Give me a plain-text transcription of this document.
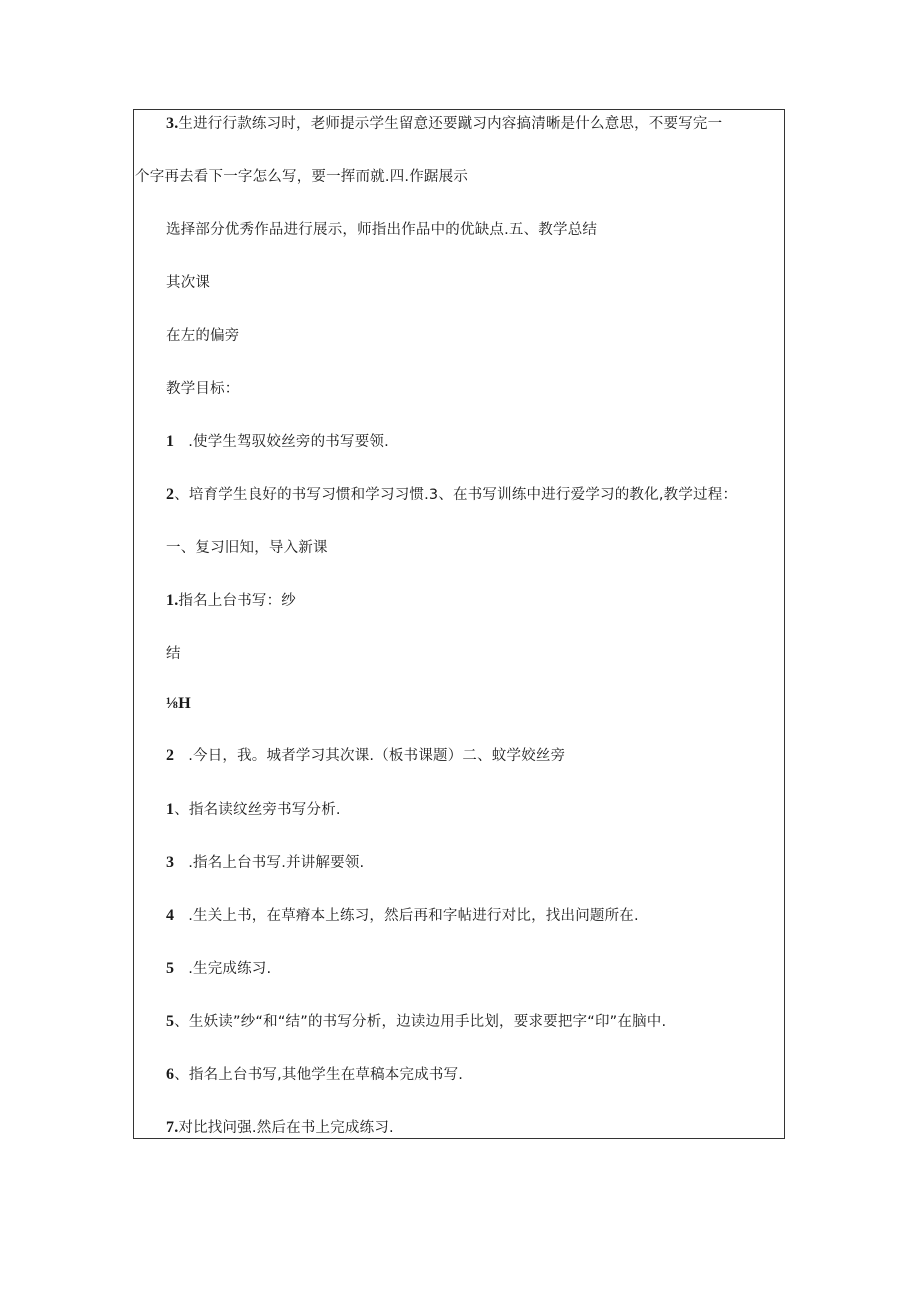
3.生进行行款练习时，老师提示学生留意还要蹴习内容搞清晰是什么意思，不要写完一
个字再去看下一字怎么写，要一挥而就.四.作踞展示
选择部分优秀作品进行展示，师指出作品中的优缺点.五、教学总结
其次课
在左的偏旁
教学目标：
1 .使学生驾驭姣丝旁的书写要领.
2、培育学生良好的书写习惯和学习习惯.3、在书写训练中进行爱学习的教化,教学过程：
一、复习旧知，导入新课
1.指名上台书写：纱
结
⅛H
2 .今日，我。城者学习其次课.（板书课题）二、蚊学姣丝旁
1、指名读纹丝旁书写分析.
3 .指名上台书写.并讲解要领.
4 .生关上书，在草瘠本上练习，然后再和字帖进行对比，找出问题所在.
5 .生完成练习.
5、生妖读”纱“和“结”的书写分析，边读边用手比划，要求要把字“印”在脑中.
6、指名上台书写,其他学生在草稿本完成书写.
7.对比找问强.然后在书上完成练习.
